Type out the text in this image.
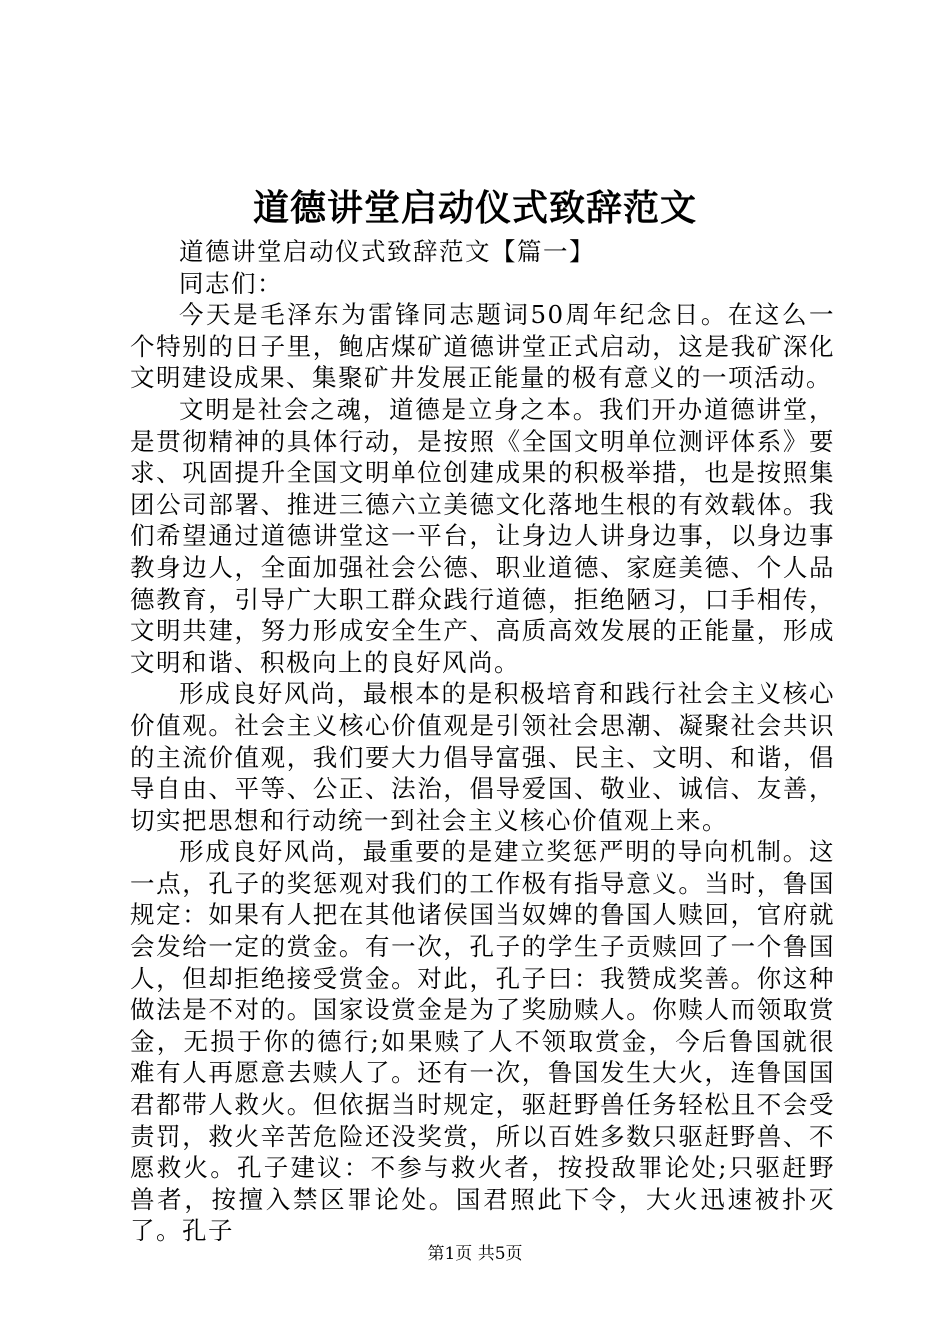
道德讲堂启动仪式致辞范文

道德讲堂启动仪式致辞范文【篇一】

同志们：

今天是毛泽东为雷锋同志题词50周年纪念日。在这么一个特别的日子里，鲍店煤矿道德讲堂正式启动，这是我矿深化文明建设成果、集聚矿井发展正能量的极有意义的一项活动。

文明是社会之魂，道德是立身之本。我们开办道德讲堂，是贯彻精神的具体行动，是按照《全国文明单位测评体系》要求、巩固提升全国文明单位创建成果的积极举措，也是按照集团公司部署、推进三德六立美德文化落地生根的有效载体。我们希望通过道德讲堂这一平台，让身边人讲身边事，以身边事教身边人，全面加强社会公德、职业道德、家庭美德、个人品德教育，引导广大职工群众践行道德，拒绝陋习，口手相传，文明共建，努力形成安全生产、高质高效发展的正能量，形成文明和谐、积极向上的良好风尚。

形成良好风尚，最根本的是积极培育和践行社会主义核心价值观。社会主义核心价值观是引领社会思潮、凝聚社会共识的主流价值观，我们要大力倡导富强、民主、文明、和谐，倡导自由、平等、公正、法治，倡导爱国、敬业、诚信、友善，切实把思想和行动统一到社会主义核心价值观上来。

形成良好风尚，最重要的是建立奖惩严明的导向机制。这一点，孔子的奖惩观对我们的工作极有指导意义。当时，鲁国规定：如果有人把在其他诸侯国当奴婢的鲁国人赎回，官府就会发给一定的赏金。有一次，孔子的学生子贡赎回了一个鲁国人，但却拒绝接受赏金。对此，孔子曰：我赞成奖善。你这种做法是不对的。国家设赏金是为了奖励赎人。你赎人而领取赏金，无损于你的德行;如果赎了人不领取赏金，今后鲁国就很难有人再愿意去赎人了。还有一次，鲁国发生大火，连鲁国国君都带人救火。但依据当时规定，驱赶野兽任务轻松且不会受责罚，救火辛苦危险还没奖赏，所以百姓多数只驱赶野兽、不愿救火。孔子建议：不参与救火者，按投敌罪论处;只驱赶野兽者，按擅入禁区罪论处。国君照此下令，大火迅速被扑灭了。孔子

第1页 共5页
